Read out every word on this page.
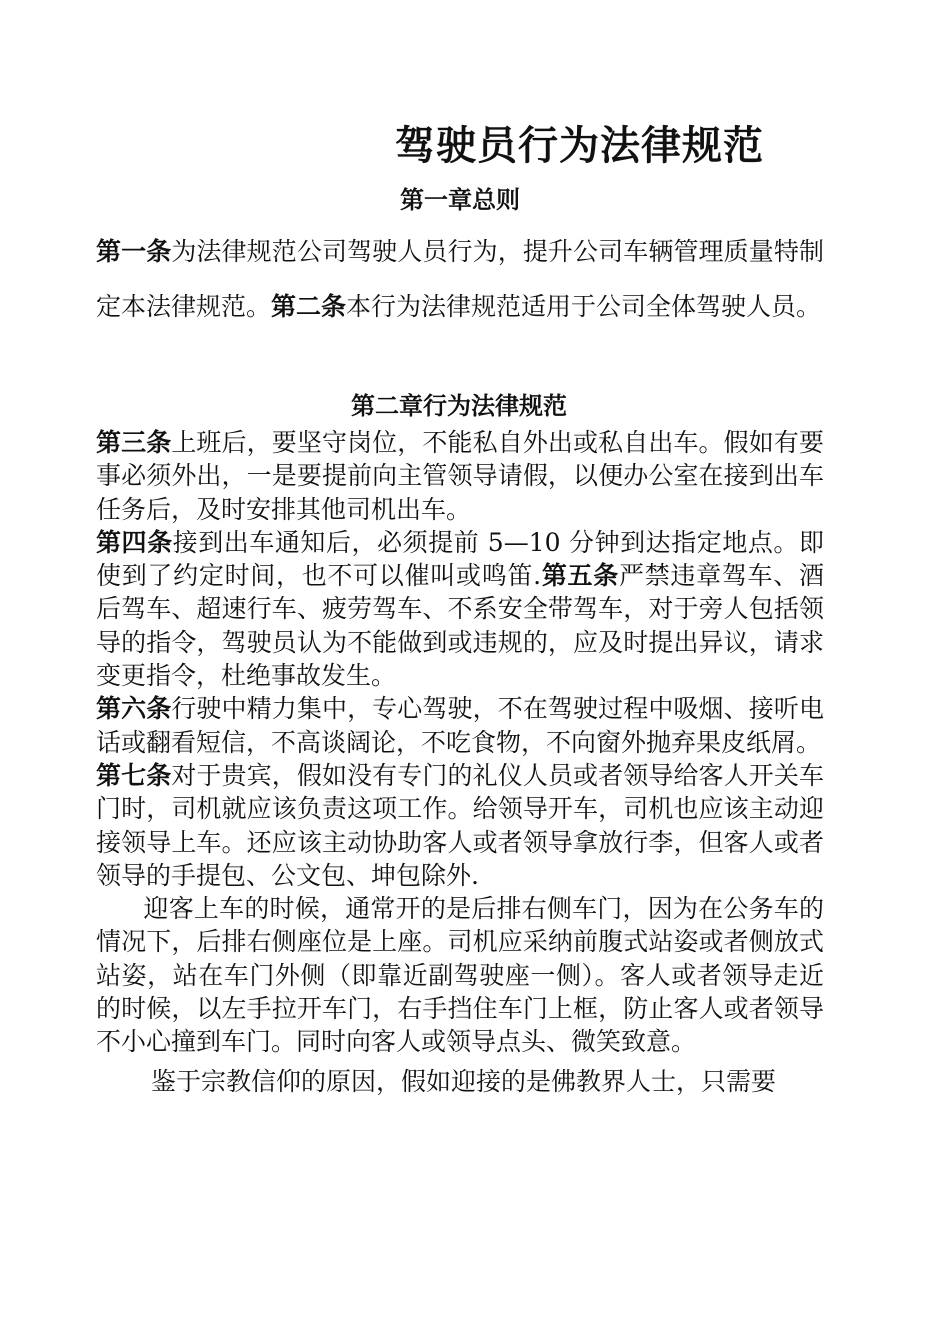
驾驶员行为法律规范
第一章总则

第一条为法律规范公司驾驶人员行为，提升公司车辆管理质量特制定本法律规范。第二条本行为法律规范适用于公司全体驾驶人员。

第二章行为法律规范

第三条上班后，要坚守岗位，不能私自外出或私自出车。假如有要事必须外出，一是要提前向主管领导请假，以便办公室在接到出车任务后，及时安排其他司机出车。

第四条接到出车通知后，必须提前 5—10 分钟到达指定地点。即使到了约定时间，也不可以催叫或鸣笛.第五条严禁违章驾车、酒后驾车、超速行车、疲劳驾车、不系安全带驾车，对于旁人包括领导的指令，驾驶员认为不能做到或违规的，应及时提出异议，请求变更指令，杜绝事故发生。

第六条行驶中精力集中，专心驾驶，不在驾驶过程中吸烟、接听电话或翻看短信，不高谈阔论，不吃食物，不向窗外抛弃果皮纸屑。

第七条对于贵宾，假如没有专门的礼仪人员或者领导给客人开关车门时，司机就应该负责这项工作。给领导开车，司机也应该主动迎接领导上车。还应该主动协助客人或者领导拿放行李，但客人或者领导的手提包、公文包、坤包除外.

迎客上车的时候，通常开的是后排右侧车门，因为在公务车的情况下，后排右侧座位是上座。司机应采纳前腹式站姿或者侧放式站姿，站在车门外侧（即靠近副驾驶座一侧）。客人或者领导走近的时候，以左手拉开车门，右手挡住车门上框，防止客人或者领导不小心撞到车门。同时向客人或领导点头、微笑致意。

鉴于宗教信仰的原因，假如迎接的是佛教界人士，只需要
